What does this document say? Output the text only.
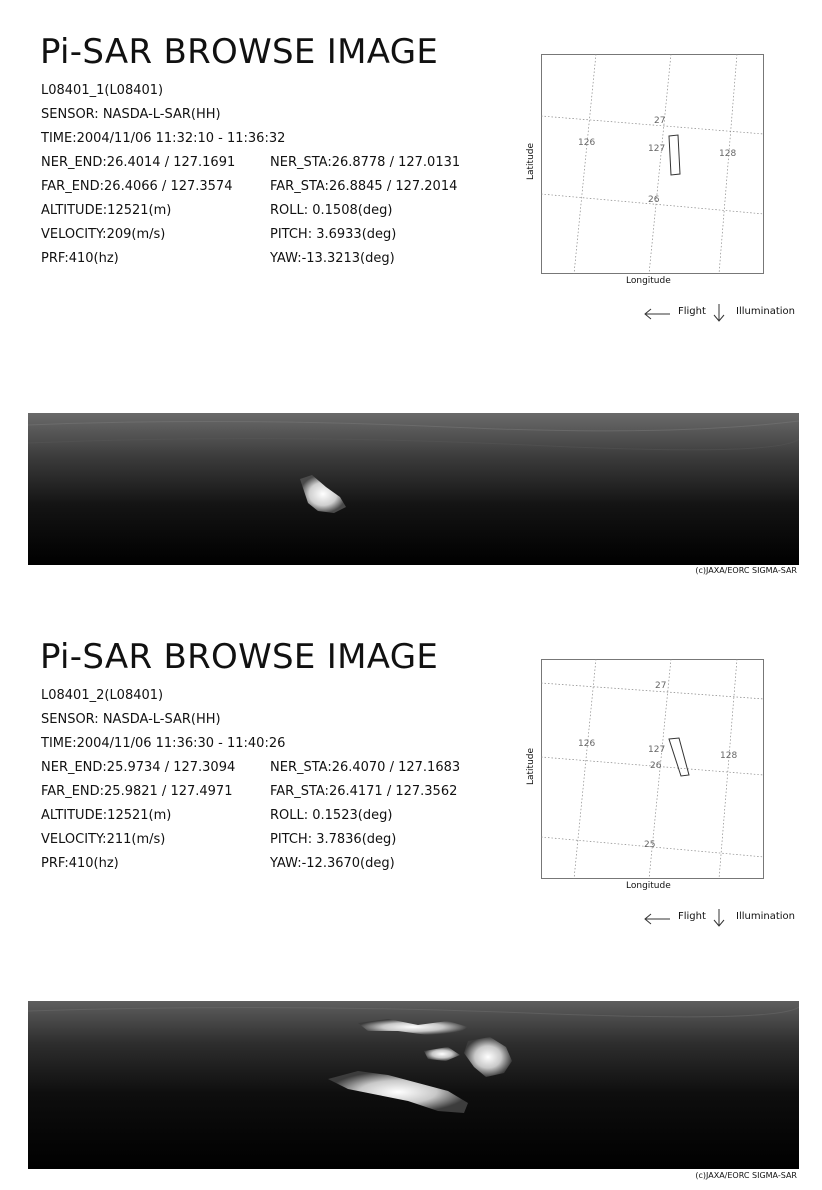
Pi-SAR BROWSE IMAGE
L08401_1(L08401)
SENSOR: NASDA-L-SAR(HH)
TIME:2004/11/06 11:32:10 - 11:36:32
NER_END:26.4014 / 127.1691	NER_STA:26.8778 / 127.0131
FAR_END:26.4066 / 127.3574	FAR_STA:26.8845 / 127.2014
ALTITUDE:12521(m)	ROLL: 0.1508(deg)
VELOCITY:209(m/s)	PITCH: 3.6933(deg)
PRF:410(hz)	YAW:-13.3213(deg)
126
127	128
27
26
Latitude
Longitude
Flight	Illumination
(c)JAXA/EORC SIGMA-SAR
Pi-SAR BROWSE IMAGE
L08401_2(L08401)
SENSOR: NASDA-L-SAR(HH)
TIME:2004/11/06 11:36:30 - 11:40:26
NER_END:25.9734 / 127.3094	NER_STA:26.4070 / 127.1683
FAR_END:25.9821 / 127.4971	FAR_STA:26.4171 / 127.3562
ALTITUDE:12521(m)	ROLL: 0.1523(deg)
VELOCITY:211(m/s)	PITCH: 3.7836(deg)
PRF:410(hz)	YAW:-12.3670(deg)
27
126
127
26
128
25
Latitude
Longitude
Flight	Illumination
(c)JAXA/EORC SIGMA-SAR
